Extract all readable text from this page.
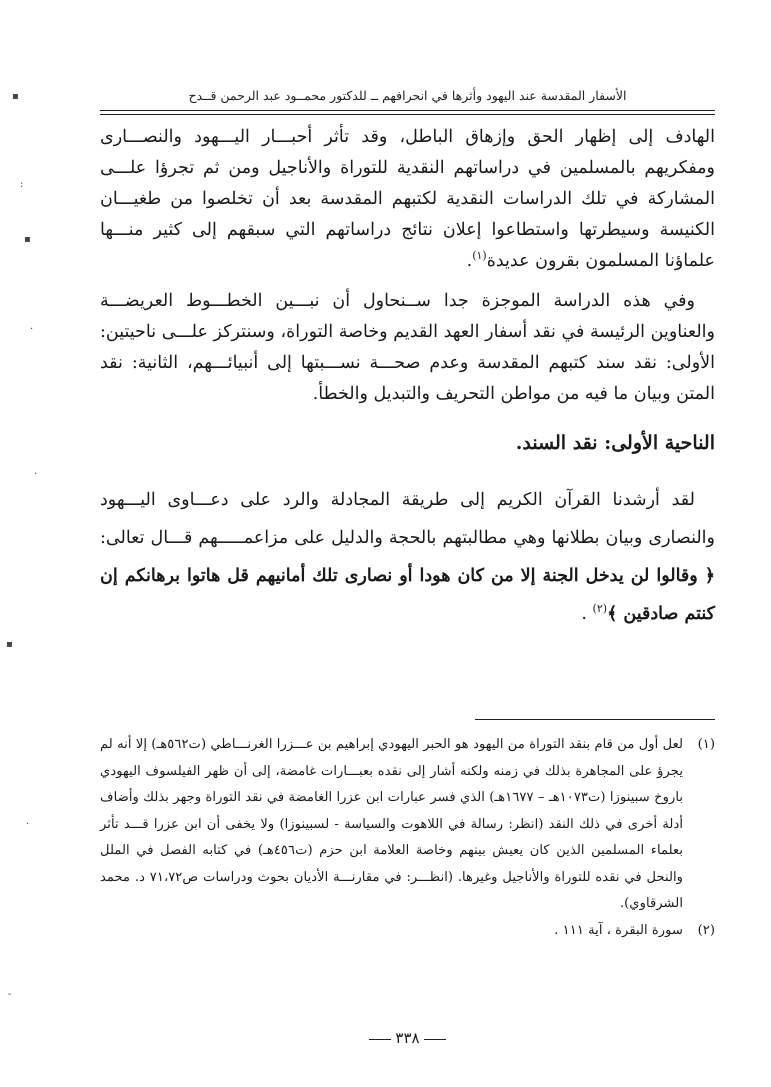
▪
:
▪
·
·
▪
·
-
الأسفار المقدسة عند اليهود وأثرها في انحرافهم ــ للدكتور محمــود عبد الرحمن قــدح

الهادف إلى إظهار الحق وإزهاق الباطل، وقد تأثر أحبـــار اليـــهود والنصـــارى ومفكريهم بالمسلمين في دراساتهم النقدية للتوراة والأناجيل ومن ثم تجرؤا علـــى المشاركة في تلك الدراسات النقدية لكتبهم المقدسة بعد أن تخلصوا من طغيـــان الكنيسة وسيطرتها واستطاعوا إعلان نتائج دراساتهم التي سبقهم إلى كثير منـــها علماؤنا المسلمون بقرون عديدة$^{(١)}$.

وفي هذه الدراسة الموجزة جدا ســنحاول أن نبـــين الخطـــوط العريضـــة والعناوين الرئيسة في نقد أسفار العهد القديم وخاصة التوراة، وسنتركز علـــى ناحيتين: الأولى: نقد سند كتبهم المقدسة وعدم صحـــة نســـبتها إلى أنبيائـــهم، الثانية: نقد المتن وبيان ما فيه من مواطن التحريف والتبديل والخطأ.

الناحية الأولى: نقد السند.

لقد أرشدنا القرآن الكريم إلى طريقة المجادلة والرد على دعـــاوى اليـــهود والنصارى وبيان بطلانها وهي مطالبتهم بالحجة والدليل على مزاعمـــــهم قـــال تعالى: ﴿ وقالوا لن يدخل الجنة إلا من كان هودا أو نصارى تلك أمانيهم قل هاتوا برهانكم إن كنتم صادقين ﴾$^{(٢)}$ .

(١)
لعل أول من قام بنقد التوراة من اليهود هو الحبر اليهودي إبراهيم بن عـــزرا الغرنـــاطي (ت٥٦٢هـ) إلا أنه لم يجرؤ على المجاهرة بذلك في زمنه ولكنه أشار إلى نقده بعبـــارات غامضة، إلى أن ظهر الفيلسوف اليهودي باروخ سبينوزا (ت١٠٧٣هـ – ١٦٧٧هـ) الذي فسر عبارات ابن عزرا الغامضة في نقد التوراة وجهر بذلك وأضاف أدلة أخرى في ذلك النقد (انظر: رسالة في اللاهوت والسياسة - لسبينوزا) ولا يخفى أن ابن عزرا قـــد تأثر بعلماء المسلمين الذين كان يعيش بينهم وخاصة العلامة ابن حزم (ت٤٥٦هـ) في كتابه الفصل في الملل والنحل في نقده للتوراة والأناجيل وغيرها. (انظـــر: في مقارنـــة الأديان بحوث ودراسات ص٧١،٧٢ د. محمد الشرقاوي).
(٢)
سورة البقرة ، آية ١١١ .
٣٣٨
